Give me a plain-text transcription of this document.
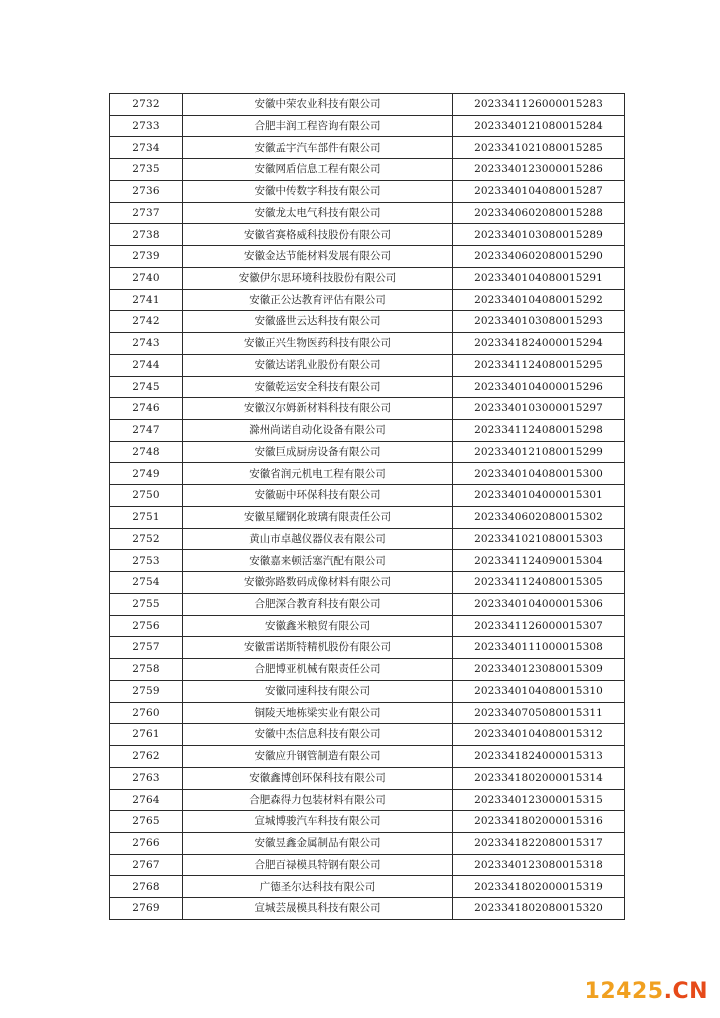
2732	安徽中荣农业科技有限公司	2023341126000015283
2733	合肥丰润工程咨询有限公司	2023340121080015284
2734	安徽孟宇汽车部件有限公司	2023341021080015285
2735	安徽网盾信息工程有限公司	2023340123000015286
2736	安徽中传数字科技有限公司	2023340104080015287
2737	安徽龙太电气科技有限公司	2023340602080015288
2738	安徽省赛格威科技股份有限公司	2023340103080015289
2739	安徽金达节能材料发展有限公司	2023340602080015290
2740	安徽伊尔思环境科技股份有限公司	2023340104080015291
2741	安徽正公达教育评估有限公司	2023340104080015292
2742	安徽盛世云达科技有限公司	2023340103080015293
2743	安徽正兴生物医药科技有限公司	2023341824000015294
2744	安徽达诺乳业股份有限公司	2023341124080015295
2745	安徽乾运安全科技有限公司	2023340104000015296
2746	安徽汉尔姆新材料科技有限公司	2023340103000015297
2747	滁州尚诺自动化设备有限公司	2023341124080015298
2748	安徽巨成厨房设备有限公司	2023340121080015299
2749	安徽省润元机电工程有限公司	2023340104080015300
2750	安徽砺中环保科技有限公司	2023340104000015301
2751	安徽星耀钢化玻璃有限责任公司	2023340602080015302
2752	黄山市卓越仪器仪表有限公司	2023341021080015303
2753	安徽嘉来顿活塞汽配有限公司	2023341124090015304
2754	安徽弥路数码成像材料有限公司	2023341124080015305
2755	合肥深合教育科技有限公司	2023340104000015306
2756	安徽鑫米粮贸有限公司	2023341126000015307
2757	安徽雷诺斯特精机股份有限公司	2023340111000015308
2758	合肥博亚机械有限责任公司	2023340123080015309
2759	安徽同速科技有限公司	2023340104080015310
2760	铜陵天地栋梁实业有限公司	2023340705080015311
2761	安徽中杰信息科技有限公司	2023340104080015312
2762	安徽应升钢管制造有限公司	2023341824000015313
2763	安徽鑫博创环保科技有限公司	2023341802000015314
2764	合肥森得力包装材料有限公司	2023340123000015315
2765	宣城博骏汽车科技有限公司	2023341802000015316
2766	安徽昱鑫金属制品有限公司	2023341822080015317
2767	合肥百禄模具特钢有限公司	2023340123080015318
2768	广德圣尔达科技有限公司	2023341802000015319
2769	宣城芸晟模具科技有限公司	2023341802080015320
12425.CN
